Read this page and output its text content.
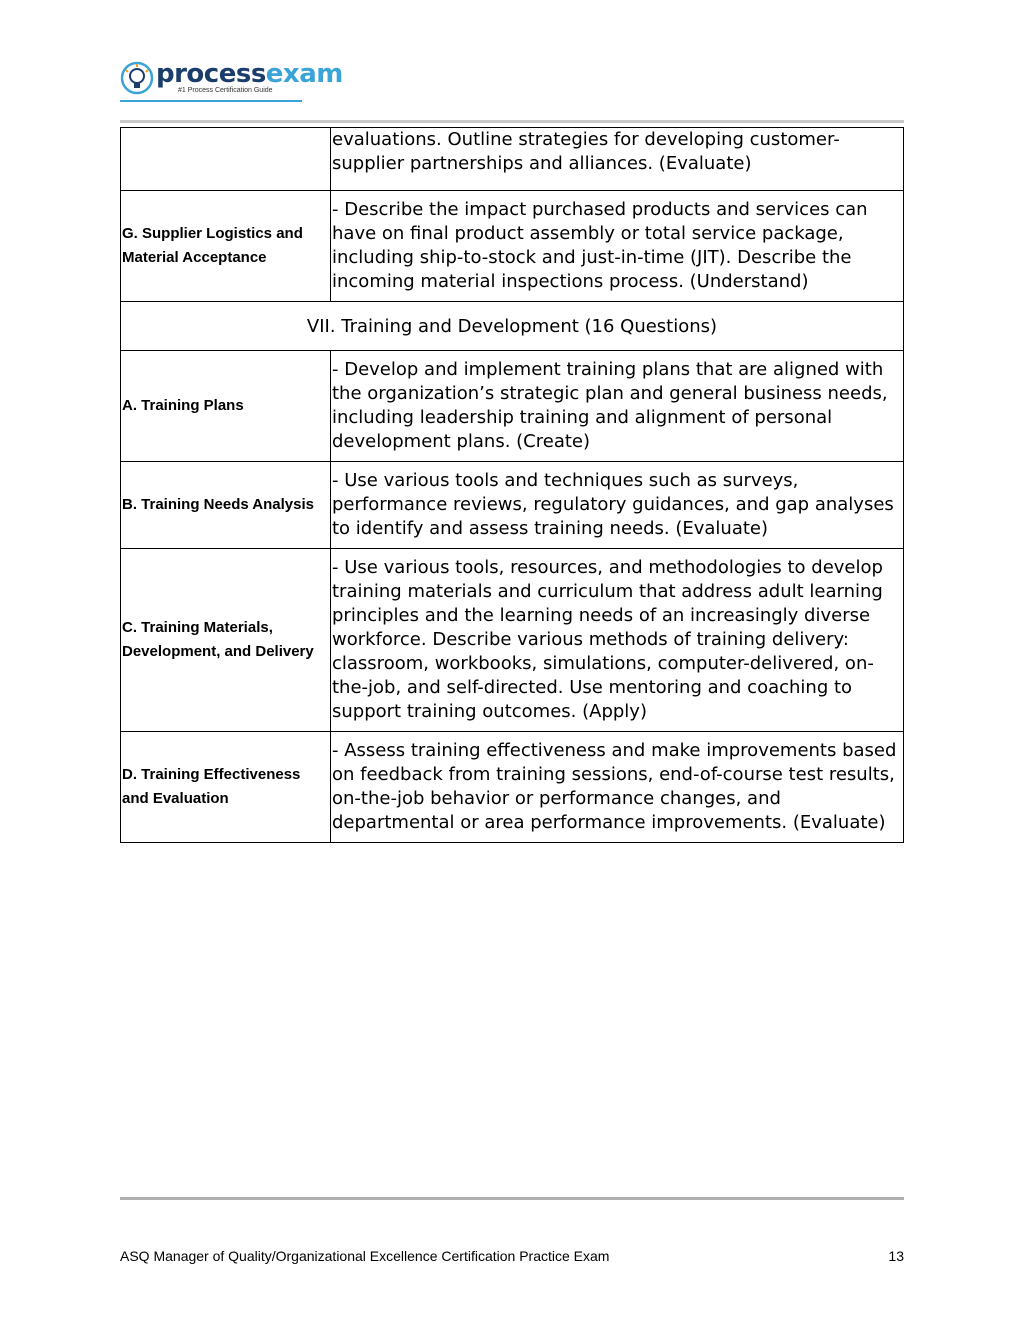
processexam
#1 Process Certification Guide
	evaluations. Outline strategies for developing customer-supplier partnerships and alliances. (Evaluate)
G. Supplier Logistics and Material Acceptance	- Describe the impact purchased products and services can have on final product assembly or total service package, including ship-to-stock and just-in-time (JIT). Describe the incoming material inspections process. (Understand)
VII. Training and Development (16 Questions)	
A. Training Plans	- Develop and implement training plans that are aligned with the organization’s strategic plan and general business needs, including leadership training and alignment of personal development plans. (Create)
B. Training Needs Analysis	- Use various tools and techniques such as surveys, performance reviews, regulatory guidances, and gap analyses to identify and assess training needs. (Evaluate)
C. Training Materials, Development, and Delivery	- Use various tools, resources, and methodologies to develop training materials and curriculum that address adult learning principles and the learning needs of an increasingly diverse workforce. Describe various methods of training delivery: classroom, workbooks, simulations, computer-delivered, on-the-job, and self-directed. Use mentoring and coaching to support training outcomes. (Apply)
D. Training Effectiveness and Evaluation	- Assess training effectiveness and make improvements based on feedback from training sessions, end-of-course test results, on-the-job behavior or performance changes, and departmental or area performance improvements. (Evaluate)
ASQ Manager of Quality/Organizational Excellence Certification Practice Exam	13
